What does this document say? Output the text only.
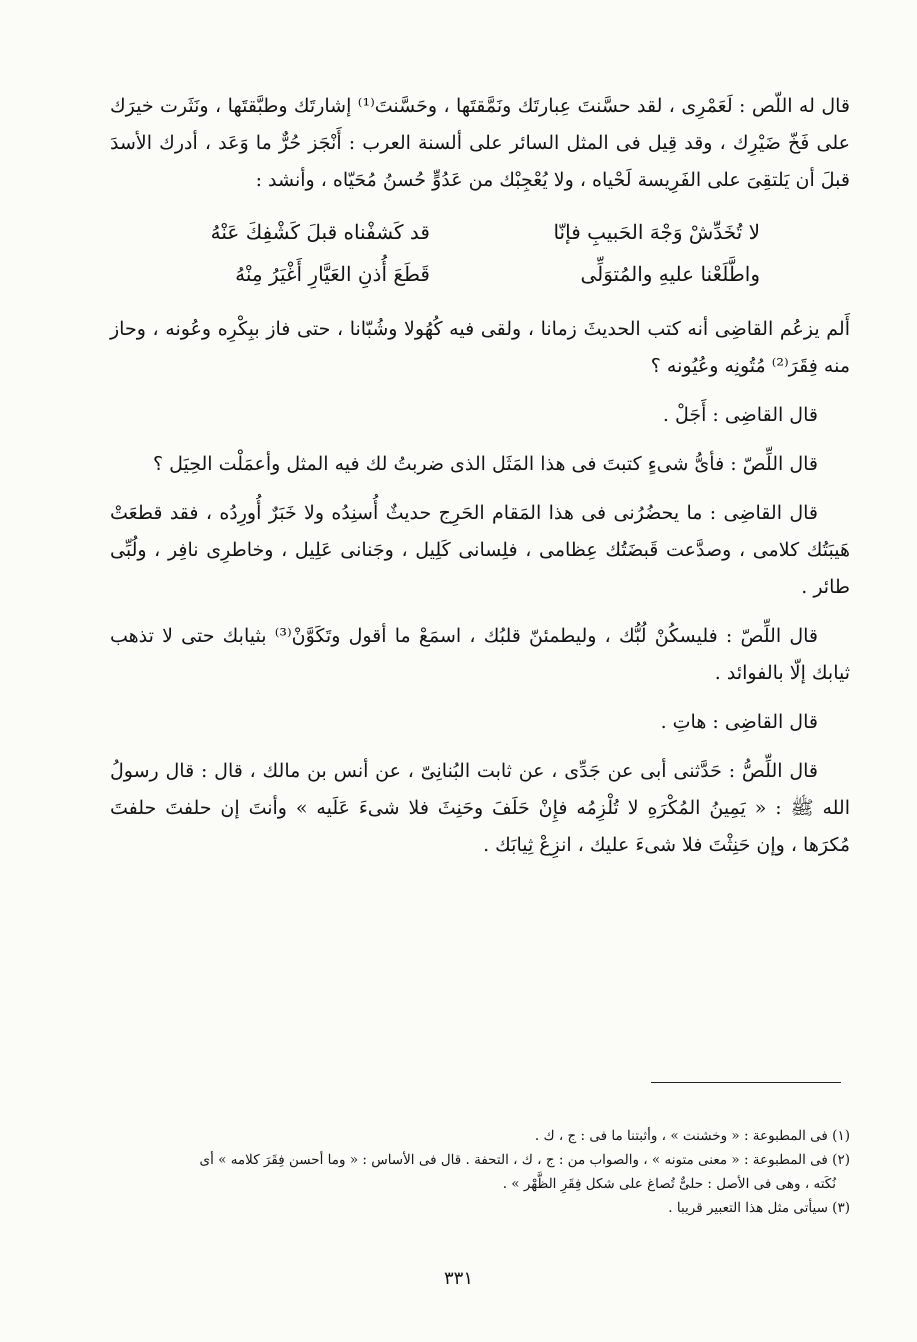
قال له اللّص : لَعَمْرِى ، لقد حسَّنتَ عِبارتَك ونَمَّقتَها ، وحَسَّنتَ⁽¹⁾ إشارتَك وطبَّقتَها ، ونَثَرت خيرَك على فَخّ ضَيْرِك ، وقد قِيل فى المثل السائر على ألسنة العرب : أَنْجَز حُرٌّ ما وَعَد ، أدرك الأسدَ قبلَ أن يَلتقِىَ على الفَرِيسة لَحْياه ، ولا يُعْجِبْك من عَدُوٍّ حُسنُ مُحَيّاه ، وأنشد :

لا تُخَدِّشْ وَجْهَ الحَبيبِ فإنّا
قد كَشفْناه قبلَ كَشْفِكَ عَنْهُ
واطَّلَعْنا عليهِ والمُتوَلِّى
قَطَعَ أُذنِ العَيَّارِ أَغْيَرُ مِنْهُ

أَلم يزعُم القاضِى أنه كتب الحديثَ زمانا ، ولقى فيه كُهُولا وشُبّانا ، حتى فاز ببِكْرِه وعُونه ، وحاز منه فِقَرَ⁽²⁾ مُتُونِه وعُيُونه ؟

قال القاضِى : أَجَلْ .

قال اللِّصّ : فأىُّ شىءٍ كتبتَ فى هذا المَثَل الذى ضربتُ لك فيه المثل وأعمَلْت الحِيَل ؟

قال القاضِى : ما يحضُرُنى فى هذا المَقام الحَرِج حديثٌ أُسنِدُه ولا خَبَرٌ أُورِدُه ، فقد قطعَتْ هَيبَتُك كلامى ، وصدَّعت قَبضَتُك عِظامى ، فلِسانى كَلِيل ، وجَنانى عَلِيل ، وخاطرِى نافِر ، ولُبِّى طائر .

قال اللِّصّ : فليسكُنْ لُبُّك ، وليطمئنّ قلبُك ، اسمَعْ ما أقول وتَكَوَّنْ⁽³⁾ بثيابك حتى لا تذهب ثيابك إلّا بالفوائد .

قال القاضِى : هاتِ .

قال اللِّصُّ : حَدَّثنى أبى عن جَدِّى ، عن ثابت البُنانِىّ ، عن أنس بن مالك ، قال : قال رسولُ الله ﷺ : « يَمِينُ المُكْرَهِ لا تُلْزِمُه فإِنْ حَلَفَ وحَنِثَ فلا شىءَ عَلَيه » وأنتَ إن حلفتَ حلفتَ مُكرَها ، وإن حَنِثْتَ فلا شىءَ عليك ، انزِعْ ثِيابَك .

(١) فى المطبوعة : « وخشنت » ، وأثبتنا ما فى : ج ، ك .

(٢) فى المطبوعة : « معنى متونه » ، والصواب من : ج ، ك ، التحفة . قال فى الأساس : « وما أحسن فِقَرَ كلامه » أى

نُكَته ، وهى فى الأصل : حلىٌّ تُصاغ على شكل فِقَرِ الظَّهْر » .

(٣) سيأتى مثل هذا التعبير قريبا .

٣٣١
